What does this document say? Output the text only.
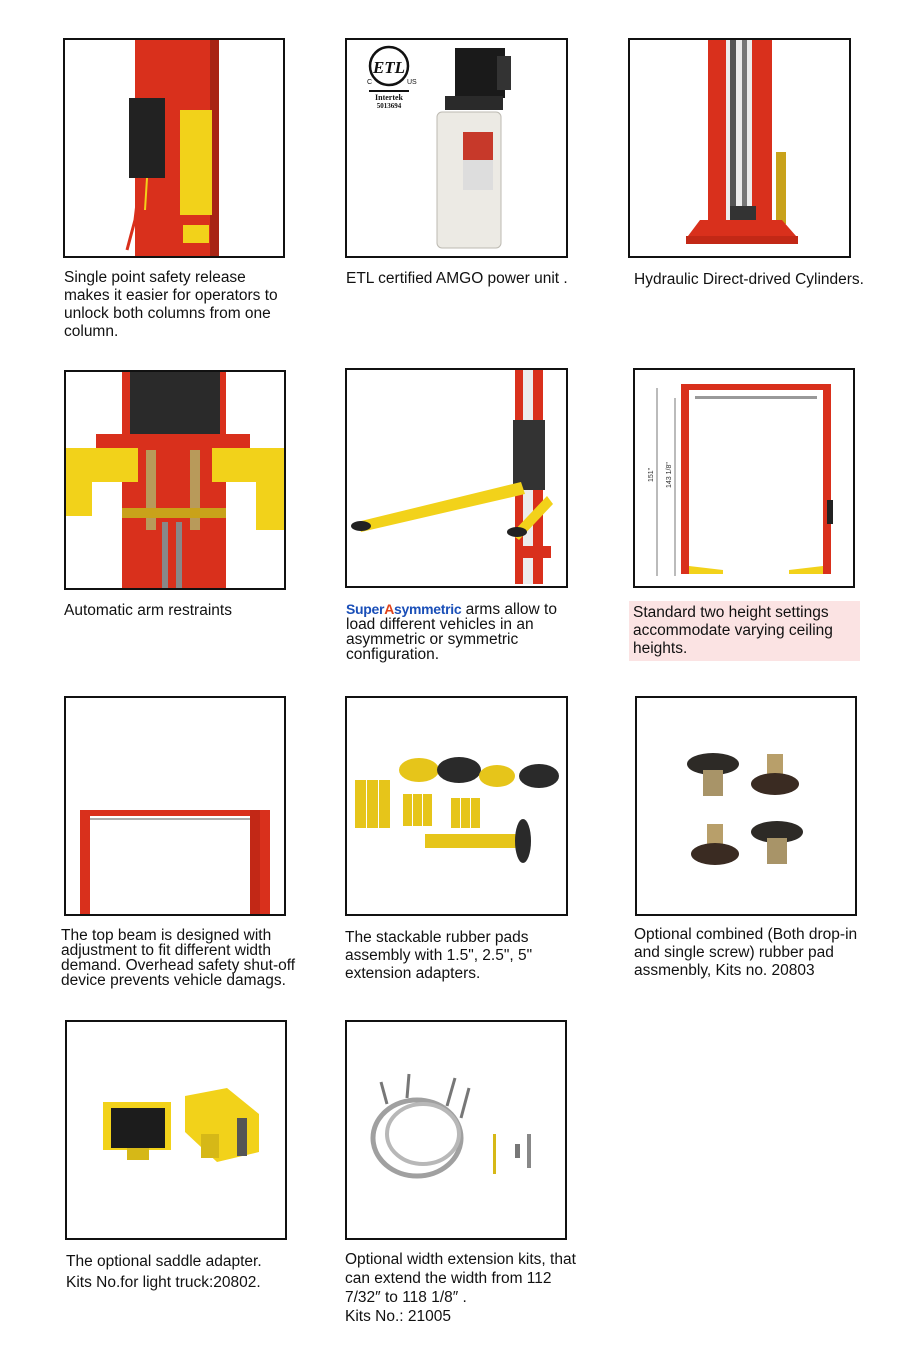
Single point safety release makes it easier for operators to unlock both columns from one column.
ETL
C	US
Intertek
5013694
ETL certified AMGO power unit .	Hydraulic Direct-drived Cylinders.
Automatic arm restraints	SuperAsymmetric arms allow to load different vehicles in an asymmetric or symmetric configuration.
151" 143 1/8"
Standard two height settings accommodate varying ceiling heights.
The top beam is designed with adjustment to fit different width demand. Overhead safety shut-off device prevents vehicle damags.
The stackable rubber pads assembly with 1.5", 2.5", 5" extension adapters.
Optional combined (Both drop-in and single screw) rubber pad assmenbly, Kits no. 20803
The optional saddle adapter.
Kits No.for light truck:20802.
Optional width extension kits, that can extend the width from 112 7/32″ to 118 1/8″ .
Kits No.: 21005
